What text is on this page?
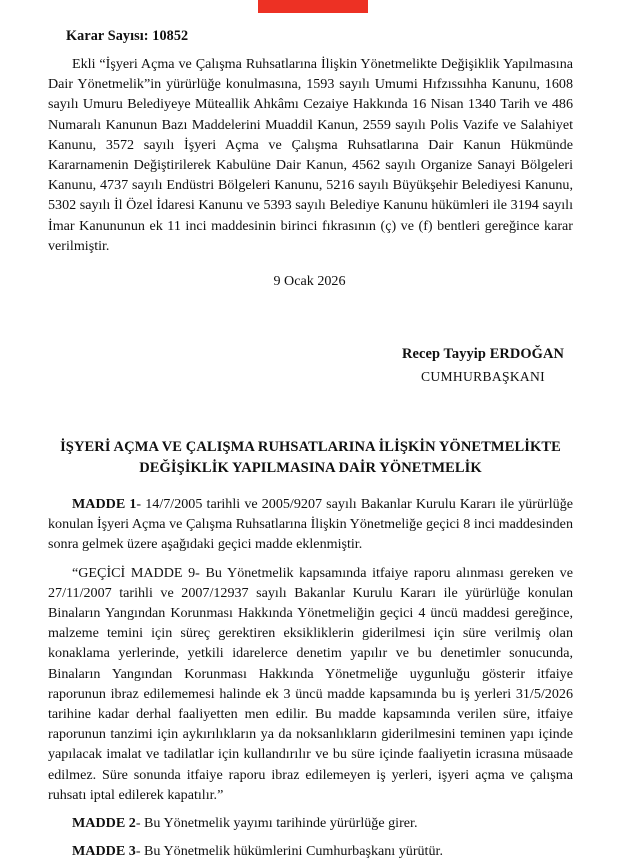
Karar Sayısı: 10852

Ekli “İşyeri Açma ve Çalışma Ruhsatlarına İlişkin Yönetmelikte Değişiklik Yapılmasına Dair Yönetmelik”in yürürlüğe konulmasına, 1593 sayılı Umumi Hıfzıssıhha Kanunu, 1608 sayılı Umuru Belediyeye Müteallik Ahkâmı Cezaiye Hakkında 16 Nisan 1340 Tarih ve 486 Numaralı Kanunun Bazı Maddelerini Muaddil Kanun, 2559 sayılı Polis Vazife ve Salahiyet Kanunu, 3572 sayılı İşyeri Açma ve Çalışma Ruhsatlarına Dair Kanun Hükmünde Kararnamenin Değiştirilerek Kabulüne Dair Kanun, 4562 sayılı Organize Sanayi Bölgeleri Kanunu, 4737 sayılı Endüstri Bölgeleri Kanunu, 5216 sayılı Büyükşehir Belediyesi Kanunu, 5302 sayılı İl Özel İdaresi Kanunu ve 5393 sayılı Belediye Kanunu hükümleri ile 3194 sayılı İmar Kanununun ek 11 inci maddesinin birinci fıkrasının (ç) ve (f) bentleri gereğince karar verilmiştir.

9 Ocak 2026
Recep Tayyip ERDOĞAN
CUMHURBAŞKANI
İŞYERİ AÇMA VE ÇALIŞMA RUHSATLARINA İLİŞKİN YÖNETMELİKTE
DEĞİŞİKLİK YAPILMASINA DAİR YÖNETMELİK

MADDE 1- 14/7/2005 tarihli ve 2005/9207 sayılı Bakanlar Kurulu Kararı ile yürürlüğe konulan İşyeri Açma ve Çalışma Ruhsatlarına İlişkin Yönetmeliğe geçici 8 inci maddesinden sonra gelmek üzere aşağıdaki geçici madde eklenmiştir.

“GEÇİCİ MADDE 9- Bu Yönetmelik kapsamında itfaiye raporu alınması gereken ve 27/11/2007 tarihli ve 2007/12937 sayılı Bakanlar Kurulu Kararı ile yürürlüğe konulan Binaların Yangından Korunması Hakkında Yönetmeliğin geçici 4 üncü maddesi gereğince, malzeme temini için süreç gerektiren eksikliklerin giderilmesi için süre verilmiş olan konaklama yerlerinde, yetkili idarelerce denetim yapılır ve bu denetimler sonucunda, Binaların Yangından Korunması Hakkında Yönetmeliğe uygunluğu gösterir itfaiye raporunun ibraz edilememesi halinde ek 3 üncü madde kapsamında bu iş yerleri 31/5/2026 tarihine kadar derhal faaliyetten men edilir. Bu madde kapsamında verilen süre, itfaiye raporunun tanzimi için aykırılıkların ya da noksanlıkların giderilmesini teminen yapı içinde yapılacak imalat ve tadilatlar için kullandırılır ve bu süre içinde faaliyetin icrasına müsaade edilmez. Süre sonunda itfaiye raporu ibraz edilemeyen iş yerleri, işyeri açma ve çalışma ruhsatı iptal edilerek kapatılır.”

MADDE 2- Bu Yönetmelik yayımı tarihinde yürürlüğe girer.

MADDE 3- Bu Yönetmelik hükümlerini Cumhurbaşkanı yürütür.
